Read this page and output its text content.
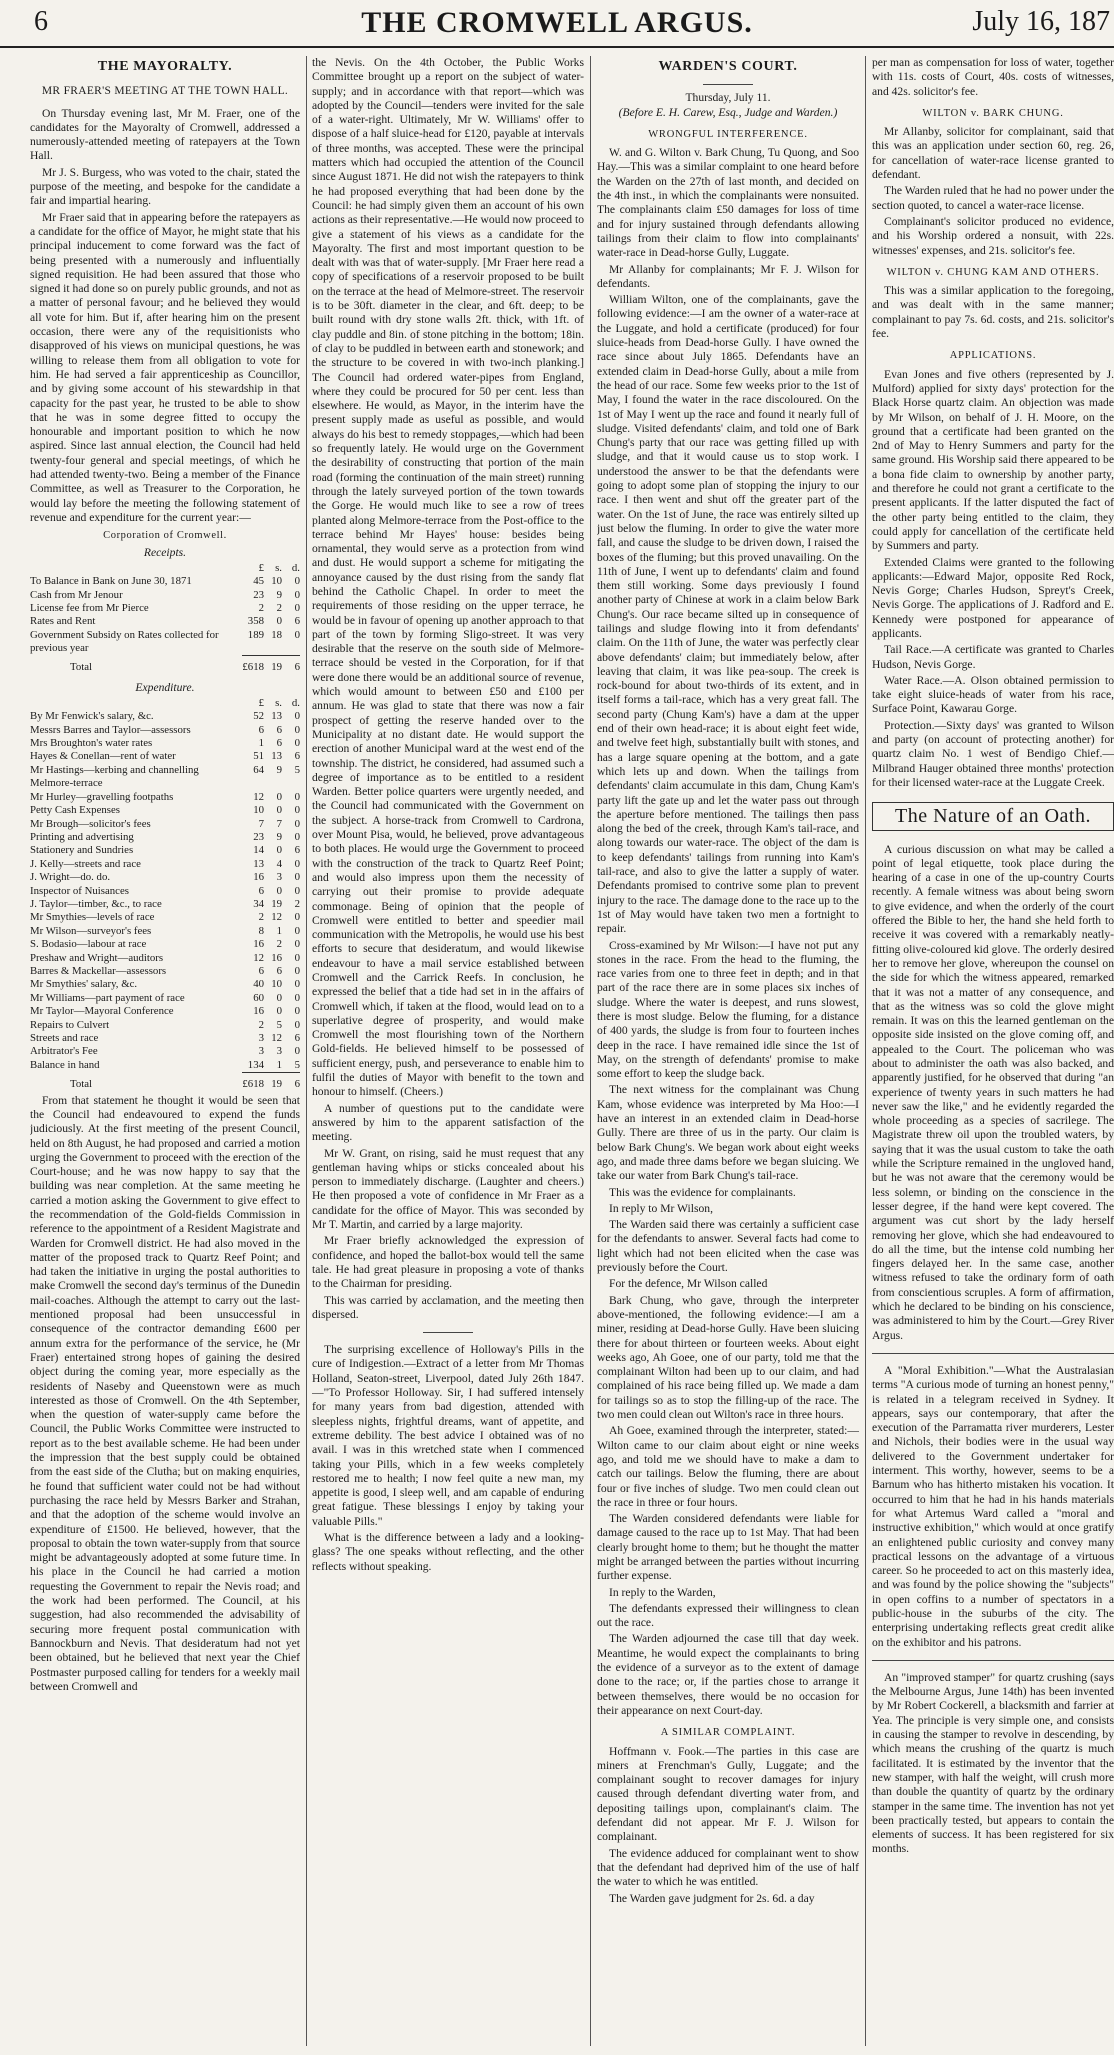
6	THE CROMWELL ARGUS.	July 16, 187
THE MAYORALTY.
MR FRAER'S MEETING AT THE TOWN HALL.

On Thursday evening last, Mr M. Fraer, one of the candidates for the Mayoralty of Cromwell, addressed a numerously-attended meeting of ratepayers at the Town Hall.

Mr J. S. Burgess, who was voted to the chair, stated the purpose of the meeting, and bespoke for the candidate a fair and impartial hearing.

Mr Fraer said that in appearing before the ratepayers as a candidate for the office of Mayor, he might state that his principal inducement to come forward was the fact of being presented with a numerously and influentially signed requisition. He had been assured that those who signed it had done so on purely public grounds, and not as a matter of personal favour; and he believed they would all vote for him. But if, after hearing him on the present occasion, there were any of the requisitionists who disapproved of his views on municipal questions, he was willing to release them from all obligation to vote for him. He had served a fair apprenticeship as Councillor, and by giving some account of his stewardship in that capacity for the past year, he trusted to be able to show that he was in some degree fitted to occupy the honourable and important position to which he now aspired. Since last annual election, the Council had held twenty-four general and special meetings, of which he had attended twenty-two. Being a member of the Finance Committee, as well as Treasurer to the Corporation, he would lay before the meeting the following statement of revenue and expenditure for the current year:—

Corporation of Cromwell.
Receipts.
	£	s.	d.
To Balance in Bank on June 30, 1871	45	10	0
Cash from Mr Jenour	23	9	0
License fee from Mr Pierce	2	2	0
Rates and Rent	358	0	6
Government Subsidy on Rates collected for previous year	189	18	0

Total	£618	19	6
Expenditure.
	£	s.	d.
By Mr Fenwick's salary, &c.	52	13	0
Messrs Barres and Taylor—assessors	6	6	0
Mrs Broughton's water rates	1	6	0
Hayes & Conellan—rent of water	51	13	6
Mr Hastings—kerbing and channelling Melmore-terrace	64	9	5
Mr Hurley—gravelling footpaths	12	0	0
Petty Cash Expenses	10	0	0
Mr Brough—solicitor's fees	7	7	0
Printing and advertising	23	9	0
Stationery and Sundries	14	0	6
J. Kelly—streets and race	13	4	0
J. Wright—do. do.	16	3	0
Inspector of Nuisances	6	0	0
J. Taylor—timber, &c., to race	34	19	2
Mr Smythies—levels of race	2	12	0
Mr Wilson—surveyor's fees	8	1	0
S. Bodasio—labour at race	16	2	0
Preshaw and Wright—auditors	12	16	0
Barres & Mackellar—assessors	6	6	0
Mr Smythies' salary, &c.	40	10	0
Mr Williams—part payment of race	60	0	0
Mr Taylor—Mayoral Conference	16	0	0
Repairs to Culvert	2	5	0
Streets and race	3	12	6
Arbitrator's Fee	3	3	0
Balance in hand	134	1	5

Total	£618	19	6

From that statement he thought it would be seen that the Council had endeavoured to expend the funds judiciously. At the first meeting of the present Council, held on 8th August, he had proposed and carried a motion urging the Government to proceed with the erection of the Court-house; and he was now happy to say that the building was near completion. At the same meeting he carried a motion asking the Government to give effect to the recommendation of the Gold-fields Commission in reference to the appointment of a Resident Magistrate and Warden for Cromwell district. He had also moved in the matter of the proposed track to Quartz Reef Point; and had taken the initiative in urging the postal authorities to make Cromwell the second day's terminus of the Dunedin mail-coaches. Although the attempt to carry out the last-mentioned proposal had been unsuccessful in consequence of the contractor demanding £600 per annum extra for the performance of the service, he (Mr Fraer) entertained strong hopes of gaining the desired object during the coming year, more especially as the residents of Naseby and Queenstown were as much interested as those of Cromwell. On the 4th September, when the question of water-supply came before the Council, the Public Works Committee were instructed to report as to the best available scheme. He had been under the impression that the best supply could be obtained from the east side of the Clutha; but on making enquiries, he found that sufficient water could not be had without purchasing the race held by Messrs Barker and Strahan, and that the adoption of the scheme would involve an expenditure of £1500. He believed, however, that the proposal to obtain the town water-supply from that source might be advantageously adopted at some future time. In his place in the Council he had carried a motion requesting the Government to repair the Nevis road; and the work had been performed. The Council, at his suggestion, had also recommended the advisability of securing more frequent postal communication with Bannockburn and Nevis. That desideratum had not yet been obtained, but he believed that next year the Chief Postmaster purposed calling for tenders for a weekly mail between Cromwell and

the Nevis. On the 4th October, the Public Works Committee brought up a report on the subject of water-supply; and in accordance with that report—which was adopted by the Council—tenders were invited for the sale of a water-right. Ultimately, Mr W. Williams' offer to dispose of a half sluice-head for £120, payable at intervals of three months, was accepted. These were the principal matters which had occupied the attention of the Council since August 1871. He did not wish the ratepayers to think he had proposed everything that had been done by the Council: he had simply given them an account of his own actions as their representative.—He would now proceed to give a statement of his views as a candidate for the Mayoralty. The first and most important question to be dealt with was that of water-supply. [Mr Fraer here read a copy of specifications of a reservoir proposed to be built on the terrace at the head of Melmore-street. The reservoir is to be 30ft. diameter in the clear, and 6ft. deep; to be built round with dry stone walls 2ft. thick, with 1ft. of clay puddle and 8in. of stone pitching in the bottom; 18in. of clay to be puddled in between earth and stonework; and the structure to be covered in with two-inch planking.] The Council had ordered water-pipes from England, where they could be procured for 50 per cent. less than elsewhere. He would, as Mayor, in the interim have the present supply made as useful as possible, and would always do his best to remedy stoppages,—which had been so frequently lately. He would urge on the Government the desirability of constructing that portion of the main road (forming the continuation of the main street) running through the lately surveyed portion of the town towards the Gorge. He would much like to see a row of trees planted along Melmore-terrace from the Post-office to the terrace behind Mr Hayes' house: besides being ornamental, they would serve as a protection from wind and dust. He would support a scheme for mitigating the annoyance caused by the dust rising from the sandy flat behind the Catholic Chapel. In order to meet the requirements of those residing on the upper terrace, he would be in favour of opening up another approach to that part of the town by forming Sligo-street. It was very desirable that the reserve on the south side of Melmore-terrace should be vested in the Corporation, for if that were done there would be an additional source of revenue, which would amount to between £50 and £100 per annum. He was glad to state that there was now a fair prospect of getting the reserve handed over to the Municipality at no distant date. He would support the erection of another Municipal ward at the west end of the township. The district, he considered, had assumed such a degree of importance as to be entitled to a resident Warden. Better police quarters were urgently needed, and the Council had communicated with the Government on the subject. A horse-track from Cromwell to Cardrona, over Mount Pisa, would, he believed, prove advantageous to both places. He would urge the Government to proceed with the construction of the track to Quartz Reef Point; and would also impress upon them the necessity of carrying out their promise to provide adequate commonage. Being of opinion that the people of Cromwell were entitled to better and speedier mail communication with the Metropolis, he would use his best efforts to secure that desideratum, and would likewise endeavour to have a mail service established between Cromwell and the Carrick Reefs. In conclusion, he expressed the belief that a tide had set in in the affairs of Cromwell which, if taken at the flood, would lead on to a superlative degree of prosperity, and would make Cromwell the most flourishing town of the Northern Gold-fields. He believed himself to be possessed of sufficient energy, push, and perseverance to enable him to fulfil the duties of Mayor with benefit to the town and honour to himself. (Cheers.)

A number of questions put to the candidate were answered by him to the apparent satisfaction of the meeting.

Mr W. Grant, on rising, said he must request that any gentleman having whips or sticks concealed about his person to immediately discharge. (Laughter and cheers.) He then proposed a vote of confidence in Mr Fraer as a candidate for the office of Mayor. This was seconded by Mr T. Martin, and carried by a large majority.

Mr Fraer briefly acknowledged the expression of confidence, and hoped the ballot-box would tell the same tale. He had great pleasure in proposing a vote of thanks to the Chairman for presiding.

This was carried by acclamation, and the meeting then dispersed.

The surprising excellence of Holloway's Pills in the cure of Indigestion.—Extract of a letter from Mr Thomas Holland, Seaton-street, Liverpool, dated July 26th 1847.—"To Professor Holloway. Sir, I had suffered intensely for many years from bad digestion, attended with sleepless nights, frightful dreams, want of appetite, and extreme debility. The best advice I obtained was of no avail. I was in this wretched state when I commenced taking your Pills, which in a few weeks completely restored me to health; I now feel quite a new man, my appetite is good, I sleep well, and am capable of enduring great fatigue. These blessings I enjoy by taking your valuable Pills."

What is the difference between a lady and a looking-glass? The one speaks without reflecting, and the other reflects without speaking.

WARDEN'S COURT.
Thursday, July 11.
(Before E. H. Carew, Esq., Judge and Warden.)
WRONGFUL INTERFERENCE.

W. and G. Wilton v. Bark Chung, Tu Quong, and Soo Hay.—This was a similar complaint to one heard before the Warden on the 27th of last month, and decided on the 4th inst., in which the complainants were nonsuited. The complainants claim £50 damages for loss of time and for injury sustained through defendants allowing tailings from their claim to flow into complainants' water-race in Dead-horse Gully, Luggate.

Mr Allanby for complainants; Mr F. J. Wilson for defendants.

William Wilton, one of the complainants, gave the following evidence:—I am the owner of a water-race at the Luggate, and hold a certificate (produced) for four sluice-heads from Dead-horse Gully. I have owned the race since about July 1865. Defendants have an extended claim in Dead-horse Gully, about a mile from the head of our race. Some few weeks prior to the 1st of May, I found the water in the race discoloured. On the 1st of May I went up the race and found it nearly full of sludge. Visited defendants' claim, and told one of Bark Chung's party that our race was getting filled up with sludge, and that it would cause us to stop work. I understood the answer to be that the defendants were going to adopt some plan of stopping the injury to our race. I then went and shut off the greater part of the water. On the 1st of June, the race was entirely silted up just below the fluming. In order to give the water more fall, and cause the sludge to be driven down, I raised the boxes of the fluming; but this proved unavailing. On the 11th of June, I went up to defendants' claim and found them still working. Some days previously I found another party of Chinese at work in a claim below Bark Chung's. Our race became silted up in consequence of tailings and sludge flowing into it from defendants' claim. On the 11th of June, the water was perfectly clear above defendants' claim; but immediately below, after leaving that claim, it was like pea-soup. The creek is rock-bound for about two-thirds of its extent, and in itself forms a tail-race, which has a very great fall. The second party (Chung Kam's) have a dam at the upper end of their own head-race; it is about eight feet wide, and twelve feet high, substantially built with stones, and has a large square opening at the bottom, and a gate which lets up and down. When the tailings from defendants' claim accumulate in this dam, Chung Kam's party lift the gate up and let the water pass out through the aperture before mentioned. The tailings then pass along the bed of the creek, through Kam's tail-race, and along towards our water-race. The object of the dam is to keep defendants' tailings from running into Kam's tail-race, and also to give the latter a supply of water. Defendants promised to contrive some plan to prevent injury to the race. The damage done to the race up to the 1st of May would have taken two men a fortnight to repair.

Cross-examined by Mr Wilson:—I have not put any stones in the race. From the head to the fluming, the race varies from one to three feet in depth; and in that part of the race there are in some places six inches of sludge. Where the water is deepest, and runs slowest, there is most sludge. Below the fluming, for a distance of 400 yards, the sludge is from four to fourteen inches deep in the race. I have remained idle since the 1st of May, on the strength of defendants' promise to make some effort to keep the sludge back.

The next witness for the complainant was Chung Kam, whose evidence was interpreted by Ma Hoo:—I have an interest in an extended claim in Dead-horse Gully. There are three of us in the party. Our claim is below Bark Chung's. We began work about eight weeks ago, and made three dams before we began sluicing. We take our water from Bark Chung's tail-race.

This was the evidence for complainants.

In reply to Mr Wilson,

The Warden said there was certainly a sufficient case for the defendants to answer. Several facts had come to light which had not been elicited when the case was previously before the Court.

For the defence, Mr Wilson called

Bark Chung, who gave, through the interpreter above-mentioned, the following evidence:—I am a miner, residing at Dead-horse Gully. Have been sluicing there for about thirteen or fourteen weeks. About eight weeks ago, Ah Goee, one of our party, told me that the complainant Wilton had been up to our claim, and had complained of his race being filled up. We made a dam for tailings so as to stop the filling-up of the race. The two men could clean out Wilton's race in three hours.

Ah Goee, examined through the interpreter, stated:—Wilton came to our claim about eight or nine weeks ago, and told me we should have to make a dam to catch our tailings. Below the fluming, there are about four or five inches of sludge. Two men could clean out the race in three or four hours.

The Warden considered defendants were liable for damage caused to the race up to 1st May. That had been clearly brought home to them; but he thought the matter might be arranged between the parties without incurring further expense.

In reply to the Warden,

The defendants expressed their willingness to clean out the race.

The Warden adjourned the case till that day week. Meantime, he would expect the complainants to bring the evidence of a surveyor as to the extent of damage done to the race; or, if the parties chose to arrange it between themselves, there would be no occasion for their appearance on next Court-day.

A SIMILAR COMPLAINT.

Hoffmann v. Fook.—The parties in this case are miners at Frenchman's Gully, Luggate; and the complainant sought to recover damages for injury caused through defendant diverting water from, and depositing tailings upon, complainant's claim. The defendant did not appear. Mr F. J. Wilson for complainant.

The evidence adduced for complainant went to show that the defendant had deprived him of the use of half the water to which he was entitled.

The Warden gave judgment for 2s. 6d. a day

per man as compensation for loss of water, together with 11s. costs of Court, 40s. costs of witnesses, and 42s. solicitor's fee.

WILTON v. BARK CHUNG.

Mr Allanby, solicitor for complainant, said that this was an application under section 60, reg. 26, for cancellation of water-race license granted to defendant.

The Warden ruled that he had no power under the section quoted, to cancel a water-race license.

Complainant's solicitor produced no evidence, and his Worship ordered a nonsuit, with 22s. witnesses' expenses, and 21s. solicitor's fee.

WILTON v. CHUNG KAM AND OTHERS.

This was a similar application to the foregoing, and was dealt with in the same manner; complainant to pay 7s. 6d. costs, and 21s. solicitor's fee.

APPLICATIONS.

Evan Jones and five others (represented by J. Mulford) applied for sixty days' protection for the Black Horse quartz claim. An objection was made by Mr Wilson, on behalf of J. H. Moore, on the ground that a certificate had been granted on the 2nd of May to Henry Summers and party for the same ground. His Worship said there appeared to be a bona fide claim to ownership by another party, and therefore he could not grant a certificate to the present applicants. If the latter disputed the fact of the other party being entitled to the claim, they could apply for cancellation of the certificate held by Summers and party.

Extended Claims were granted to the following applicants:—Edward Major, opposite Red Rock, Nevis Gorge; Charles Hudson, Spreyt's Creek, Nevis Gorge. The applications of J. Radford and E. Kennedy were postponed for appearance of applicants.

Tail Race.—A certificate was granted to Charles Hudson, Nevis Gorge.

Water Race.—A. Olson obtained permission to take eight sluice-heads of water from his race, Surface Point, Kawarau Gorge.

Protection.—Sixty days' was granted to Wilson and party (on account of protecting another) for quartz claim No. 1 west of Bendigo Chief.—Milbrand Hauger obtained three months' protection for their licensed water-race at the Luggate Creek.

The Nature of an Oath.

A curious discussion on what may be called a point of legal etiquette, took place during the hearing of a case in one of the up-country Courts recently. A female witness was about being sworn to give evidence, and when the orderly of the court offered the Bible to her, the hand she held forth to receive it was covered with a remarkably neatly-fitting olive-coloured kid glove. The orderly desired her to remove her glove, whereupon the counsel on the side for which the witness appeared, remarked that it was not a matter of any consequence, and that as the witness was so cold the glove might remain. It was on this the learned gentleman on the opposite side insisted on the glove coming off, and appealed to the Court. The policeman who was about to administer the oath was also backed, and apparently justified, for he observed that during "an experience of twenty years in such matters he had never saw the like," and he evidently regarded the whole proceeding as a species of sacrilege. The Magistrate threw oil upon the troubled waters, by saying that it was the usual custom to take the oath while the Scripture remained in the ungloved hand, but he was not aware that the ceremony would be less solemn, or binding on the conscience in the lesser degree, if the hand were kept covered. The argument was cut short by the lady herself removing her glove, which she had endeavoured to do all the time, but the intense cold numbing her fingers delayed her. In the same case, another witness refused to take the ordinary form of oath from conscientious scruples. A form of affirmation, which he declared to be binding on his conscience, was administered to him by the Court.—Grey River Argus.

A "Moral Exhibition."—What the Australasian terms "A curious mode of turning an honest penny," is related in a telegram received in Sydney. It appears, says our contemporary, that after the execution of the Parramatta river murderers, Lester and Nichols, their bodies were in the usual way delivered to the Government undertaker for interment. This worthy, however, seems to be a Barnum who has hitherto mistaken his vocation. It occurred to him that he had in his hands materials for what Artemus Ward called a "moral and instructive exhibition," which would at once gratify an enlightened public curiosity and convey many practical lessons on the advantage of a virtuous career. So he proceeded to act on this masterly idea, and was found by the police showing the "subjects" in open coffins to a number of spectators in a public-house in the suburbs of the city. The enterprising undertaking reflects great credit alike on the exhibitor and his patrons.

An "improved stamper" for quartz crushing (says the Melbourne Argus, June 14th) has been invented by Mr Robert Cockerell, a blacksmith and farrier at Yea. The principle is very simple one, and consists in causing the stamper to revolve in descending, by which means the crushing of the quartz is much facilitated. It is estimated by the inventor that the new stamper, with half the weight, will crush more than double the quantity of quartz by the ordinary stamper in the same time. The invention has not yet been practically tested, but appears to contain the elements of success. It has been registered for six months.
